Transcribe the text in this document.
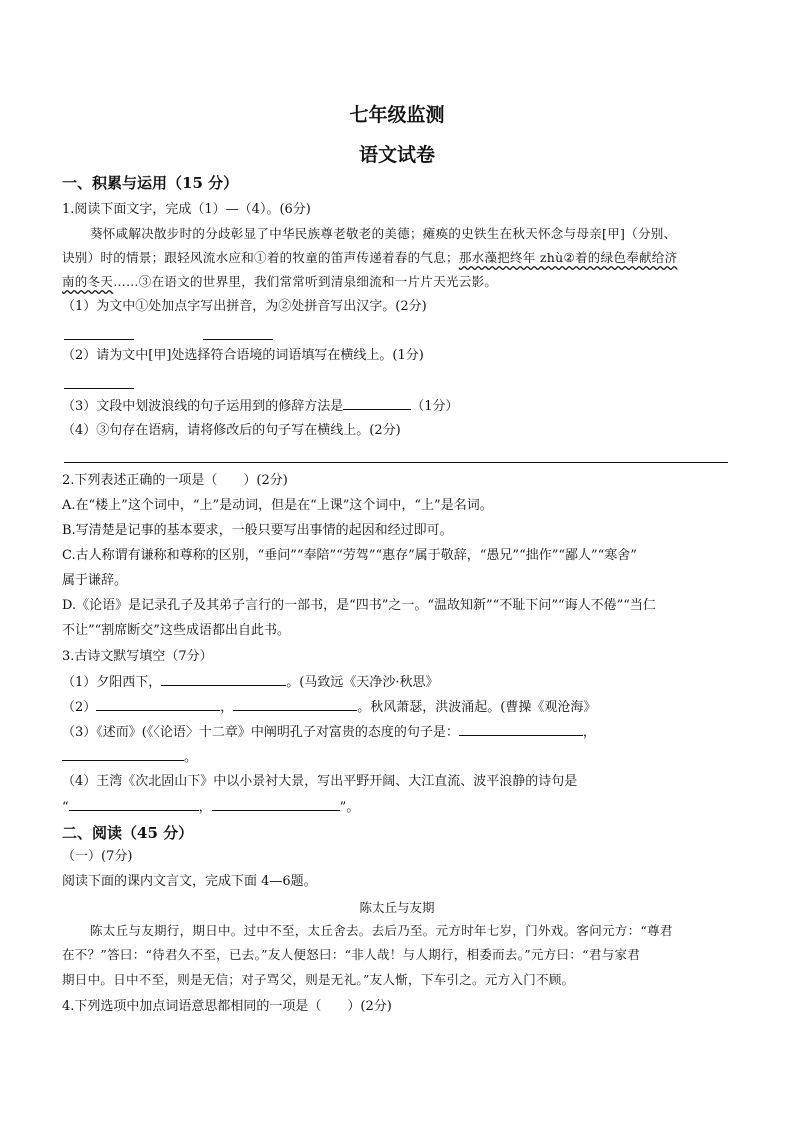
七年级监测
语文试卷
一、积累与运用（15 分）
1.阅读下面文字，完成（1）—（4）。(6分)
葵怀咸解决散步时的分歧彰显了中华民族尊老敬老的美德；瘫痪的史铁生在秋天怀念与母亲[甲]（分别、
诀别）时的情景；跟轻风流水应和①着的牧童的笛声传递着春的气息；那水藻把终年 zhù②着的绿色奉献给济
南的冬天……③在语文的世界里，我们常常听到清泉细流和一片片天光云影。
（1）为文中①处加点字写出拼音，为②处拼音写出汉字。(2分)
（2）请为文中[甲]处选择符合语境的词语填写在横线上。(1分)
（3）文段中划波浪线的句子运用到的修辞方法是	（1分）
（4）③句存在语病，请将修改后的句子写在横线上。(2分)
2.下列表述正确的一项是（　　）(2分)
A.在“楼上”这个词中，“上”是动词，但是在“上课”这个词中，“上”是名词。
B.写清楚是记事的基本要求，一般只要写出事情的起因和经过即可。
C.古人称谓有谦称和尊称的区别，“垂问”“奉陪”“劳驾”“惠存”属于敬辞，“愚兄”“拙作”“鄙人”“寒舍”
属于谦辞。
D.《论语》是记录孔子及其弟子言行的一部书，是“四书”之一。“温故知新”“不耻下问”“诲人不倦”“当仁
不让”“割席断交”这些成语都出自此书。
3.古诗文默写填空（7分）
（1）夕阳西下，	。(马致远《天净沙·秋思》
（2）	，	。秋风萧瑟，洪波涌起。(曹操《观沧海》
（3）《述而》(《〈论语〉十二章》中阐明孔子对富贵的态度的句子是：	，
。
（4）王湾《次北固山下》中以小景衬大景，写出平野开阔、大江直流、波平浪静的诗句是
“	，	”。
二、阅读（45 分）
（一）(7分)
阅读下面的课内文言文，完成下面 4—6题。
陈太丘与友期
陈太丘与友期行，期日中。过中不至，太丘舍去。去后乃至。元方时年七岁，门外戏。客问元方：“尊君
在不？”答曰：“待君久不至，已去。”友人便怒曰：“非人哉！与人期行，相委而去。”元方曰：“君与家君
期日中。日中不至，则是无信；对子骂父，则是无礼。”友人惭，下车引之。元方入门不顾。
4.下列选项中加点词语意思都相同的一项是（　　）(2分)
